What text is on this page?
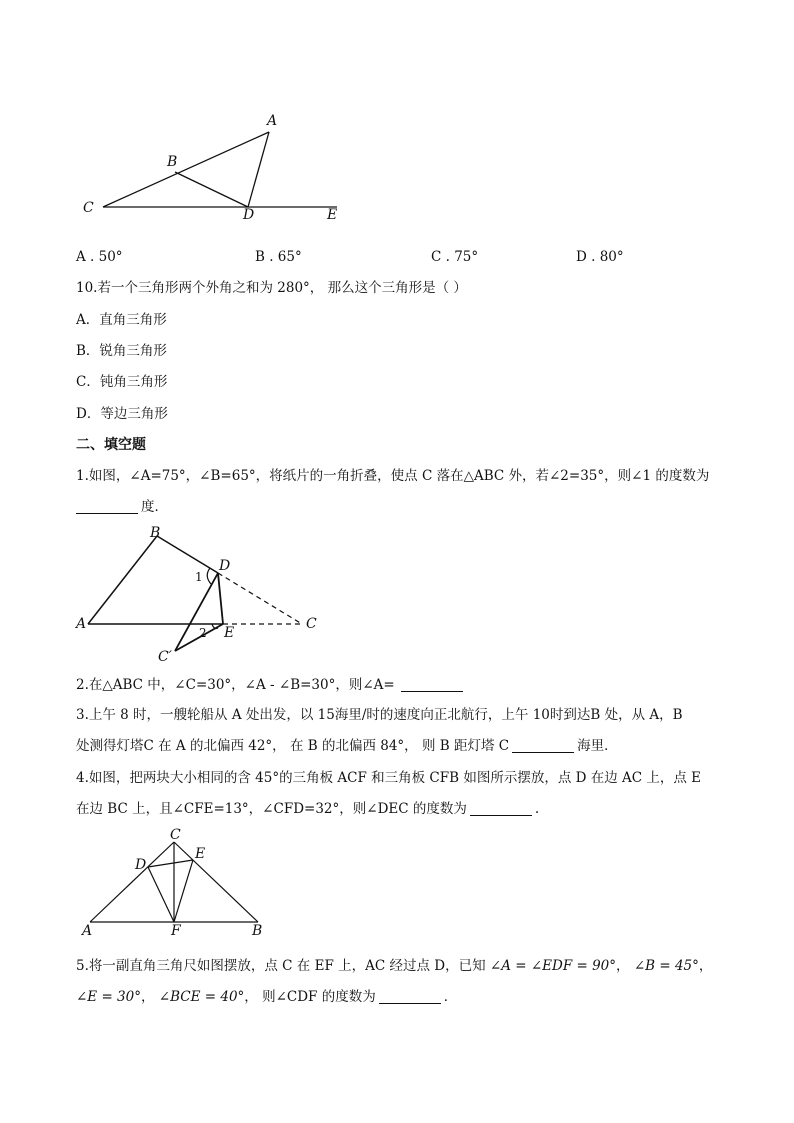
A
B
C	D	E
A . 50°	B . 65°	C . 75°	D . 80°
10.若一个三角形两个外角之和为 280°， 那么这个三角形是（ ）
A．直角三角形
B．锐角三角形
C．钝角三角形
D．等边三角形
二、填空题
1.如图，∠A=75°，∠B=65°，将纸片的一角折叠，使点 C 落在△ABC 外，若∠2=35°，则∠1 的度数为
度．
B
D
1
A
2 E
C
C′
2.在△ABC 中，∠C=30°，∠A - ∠B=30°，则∠A=
3.上午 8 时，一艘轮船从 A 处出发，以 15海里/时的速度向正北航行，上午 10时到达B 处，从 A，B
处测得灯塔C 在 A 的北偏西 42°， 在 B 的北偏西 84°， 则 B 距灯塔 C	海里．
4.如图，把两块大小相同的含 45°的三角板 ACF 和三角板 CFB 如图所示摆放，点 D 在边 AC 上，点 E
在边 BC 上，且∠CFE=13°，∠CFD=32°，则∠DEC 的度数为	.
C
D
E
A	F	B
5.将一副直角三角尺如图摆放，点 C 在 EF 上，AC 经过点 D，已知 ∠A = ∠EDF = 90°， ∠B = 45°，
∠E = 30°， ∠BCE = 40°， 则∠CDF 的度数为	．
